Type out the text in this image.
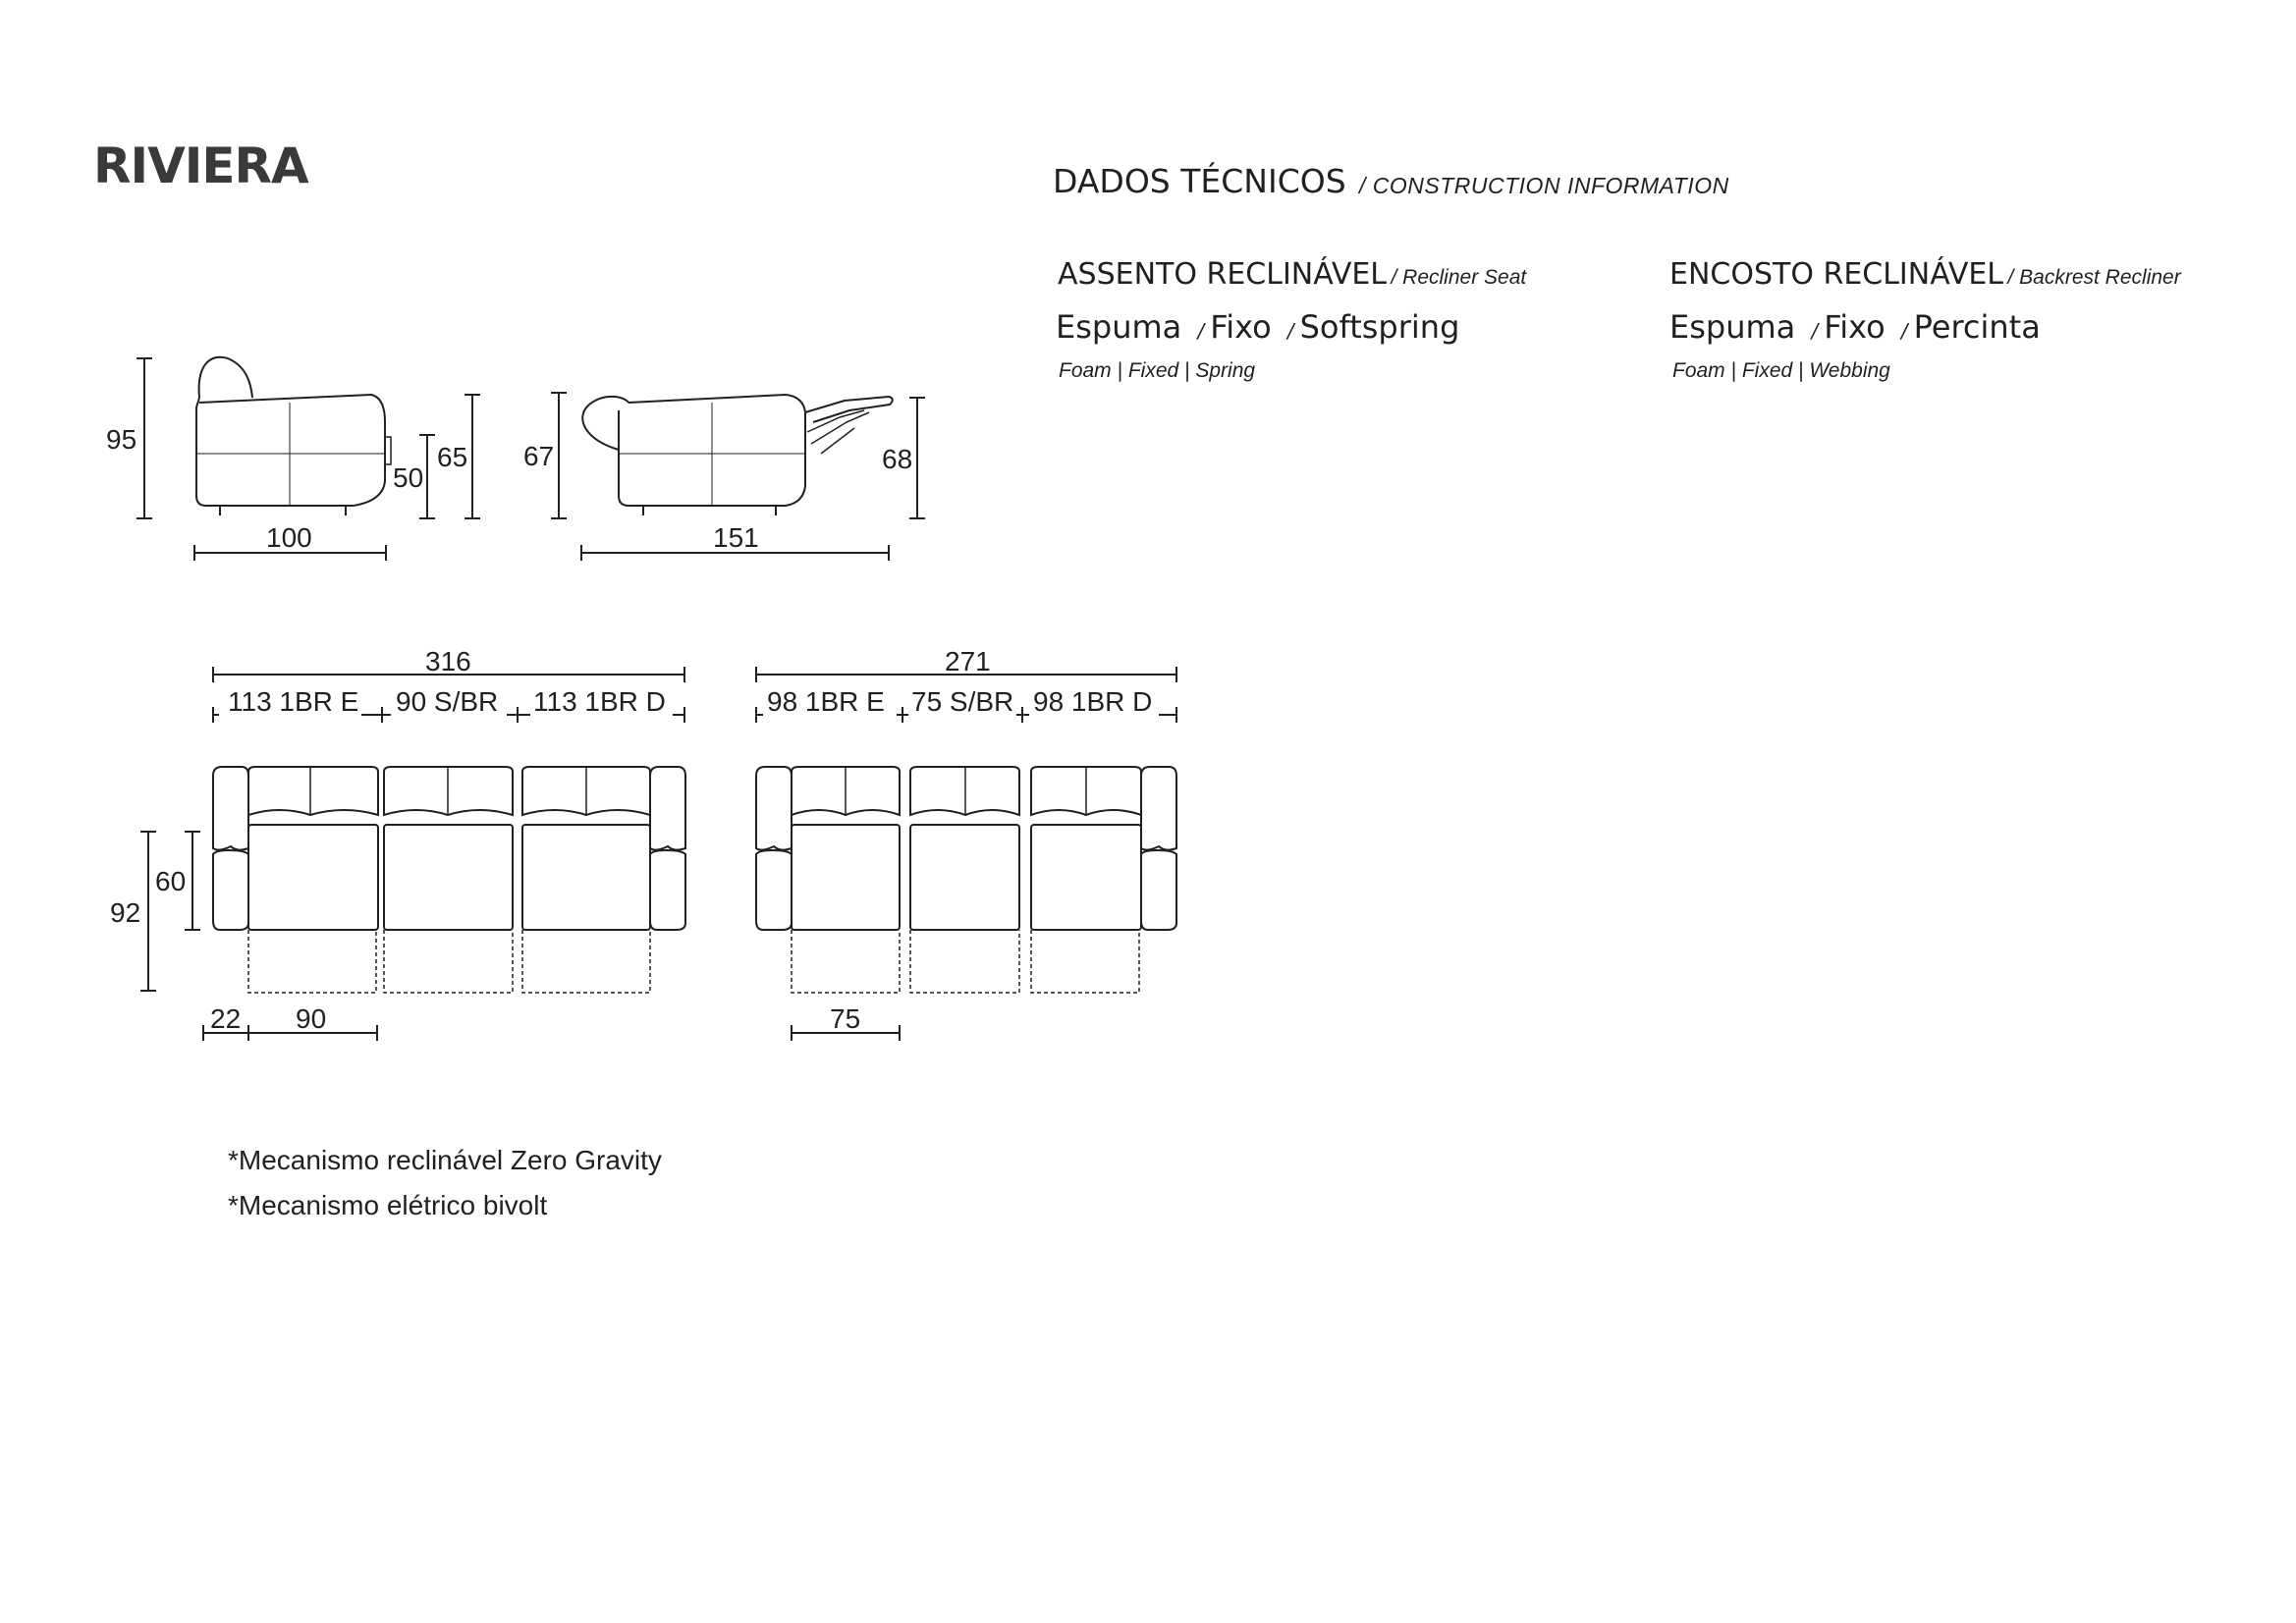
RIVIERA	DADOS TÉCNICOS / CONSTRUCTION INFORMATION
ASSENTO RECLINÁVEL / Recliner Seat
Espuma / Fixo / Softspring
Foam | Fixed | Spring
ENCOSTO RECLINÁVEL / Backrest Recliner
Espuma / Fixo / Percinta
Foam | Fixed | Webbing
95
100
50
65 67	68
151
316
113 1BR E 90 S/BR 113 1BR D
92
60
22 90
271
98 1BR E 75 S/BR 98 1BR D
75
*Mecanismo reclinável Zero Gravity
*Mecanismo elétrico bivolt
